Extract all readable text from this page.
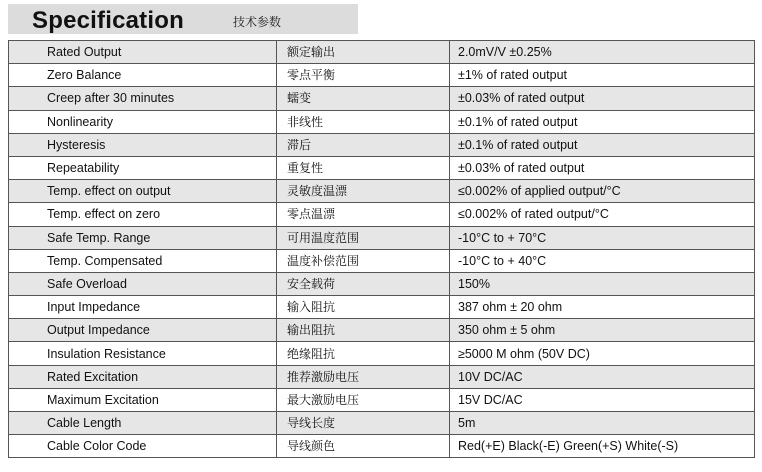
Specification	技术参数
Rated Output	额定输出	2.0mV/V ±0.25%
Zero Balance	零点平衡	±1% of rated output
Creep after 30 minutes	蠕变	±0.03% of rated output
Nonlinearity	非线性	±0.1% of rated output
Hysteresis	滞后	±0.1% of rated output
Repeatability	重复性	±0.03% of rated output
Temp. effect on output	灵敏度温漂	≤0.002% of applied output/°C
Temp. effect on zero	零点温漂	≤0.002% of rated output/°C
Safe Temp. Range	可用温度范围	-10°C to + 70°C
Temp. Compensated	温度补偿范围	-10°C to + 40°C
Safe Overload	安全载荷	150%
Input Impedance	输入阻抗	387 ohm ± 20 ohm
Output Impedance	输出阻抗	350 ohm ± 5 ohm
Insulation Resistance	绝缘阻抗	≥5000 M ohm (50V DC)
Rated Excitation	推荐激励电压	10V DC/AC
Maximum Excitation	最大激励电压	15V DC/AC
Cable Length	导线长度	5m
Cable Color Code	导线颜色	Red(+E) Black(-E) Green(+S) White(-S)
